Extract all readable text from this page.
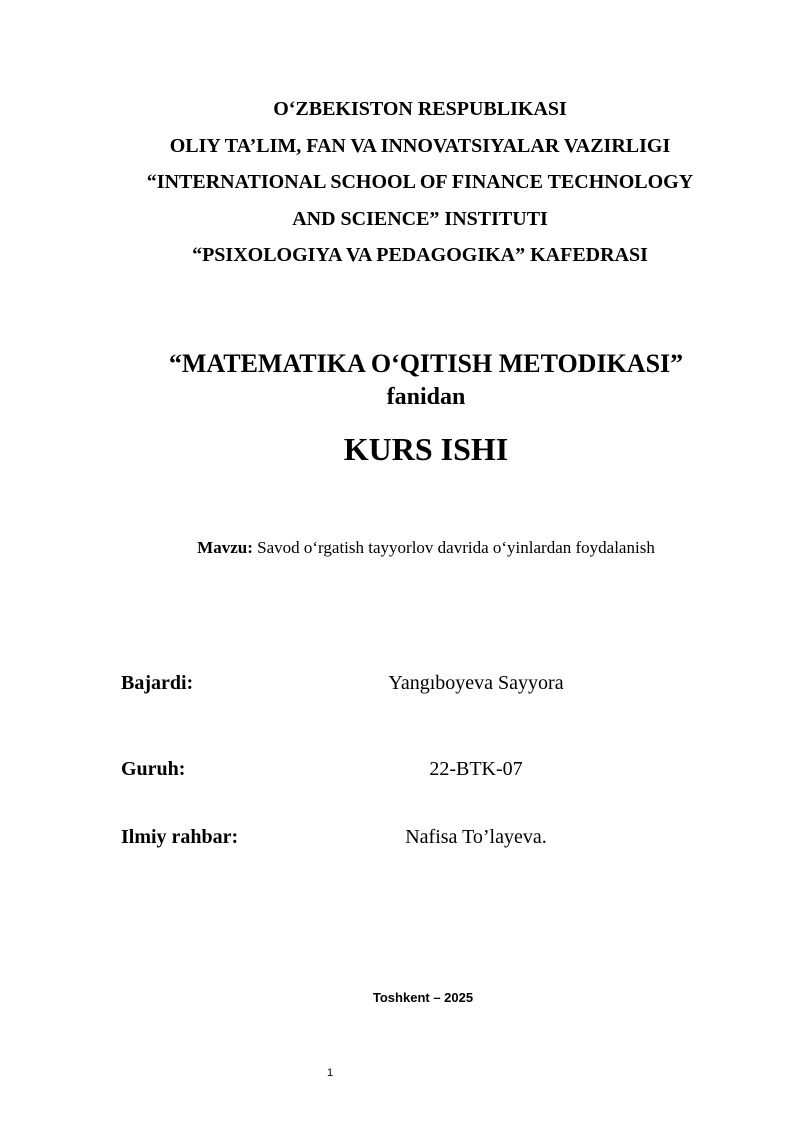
O‘ZBEKISTON RESPUBLIKASI
OLIY TA’LIM, FAN VA INNOVATSIYALAR VAZIRLIGI
“INTERNATIONAL SCHOOL OF FINANCE TECHNOLOGY
AND SCIENCE” INSTITUTI
“PSIXOLOGIYA VA PEDAGOGIKA” KAFEDRASI
“MATEMATIKA O‘QITISH METODIKASI”
fanidan
KURS ISHI
Mavzu: Savod o‘rgatish tayyorlov davrida o‘yinlardan foydalanish
Bajardi:	Yangıboyeva Sayyora
Guruh:	22-BTK-07
Ilmiy rahbar:	Nafisa To’layeva.
Toshkent – 2025
1
